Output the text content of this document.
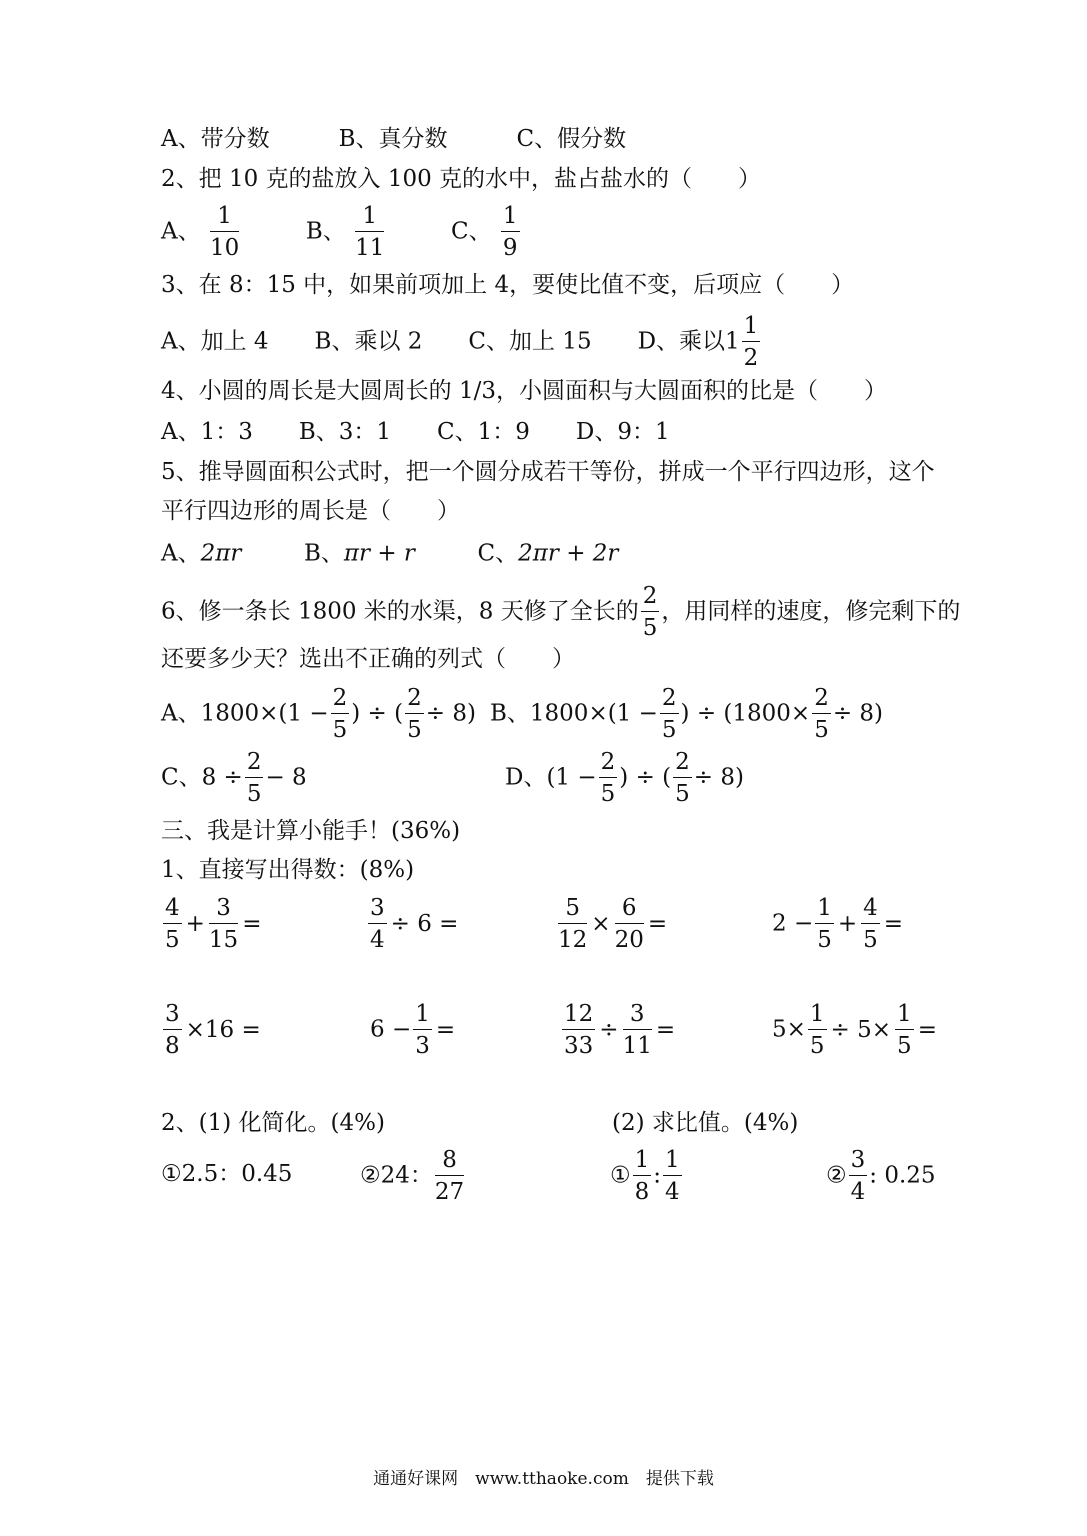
A、带分数　　　B、真分数　　　C、假分数
2、把 10 克的盐放入 100 克的水中，盐占盐水的（　　）
A、 $\frac{1}{10}$	B、 $\frac{1}{11}$	C、 $\frac{1}{9}$
3、在 8：15 中，如果前项加上 4，要使比值不变，后项应（　　）
A、加上 4　　B、乘以 2　　C、加上 15　　D、乘以$1 \frac{1}{2}$
4、小圆的周长是大圆周长的 1/3，小圆面积与大圆面积的比是（　　）
A、1：3　　B、3：1　　C、1：9　　D、9：1
5、推导圆面积公式时，把一个圆分成若干等份，拼成一个平行四边形，这个
平行四边形的周长是（　　）
A、2πr	B、πr + r	C、2πr + 2r
6、修一条长 1800 米的水渠，8 天修了全长的 $\frac{2}{5}$ ，用同样的速度，修完剩下的
还要多少天？选出不正确的列式（　　）
A、$1800\times(1 - \frac{2}{5}$ ) ÷ ( $\frac{2}{5} \div 8$) B、$1800\times(1 - \frac{2}{5}$ ) ÷ $(1800\times \frac{2}{5} \div 8)$
C、$8 \div \frac{2}{5} - 8$	D、($1 - \frac{2}{5}$ ) ÷ ( $\frac{2}{5} \div 8$)
三、我是计算小能手！(36%)
1、直接写出得数：(8%)
$\frac{4}{5} + \frac{3}{15}$ =	$\frac{3}{4} \div 6$ =	$\frac{5}{12} \times \frac{6}{20}$ =	$2 - \frac{1}{5} + \frac{4}{5}$ =
$\frac{3}{8} \times 16$ =	$6 - \frac{1}{3}$ =	$\frac{12}{33} \div \frac{3}{11}$ =	$5\times \frac{1}{5} \div 5\times \frac{1}{5}$ =
2、(1) 化简化。(4%)	(2) 求比值。(4%)
①2.5：0.45	②24： $\frac{8}{27}$	① $\frac{1}{8}$ : $\frac{1}{4}$	② $\frac{3}{4}$ : 0.25
通通好课网　www.tthaoke.com　提供下载
